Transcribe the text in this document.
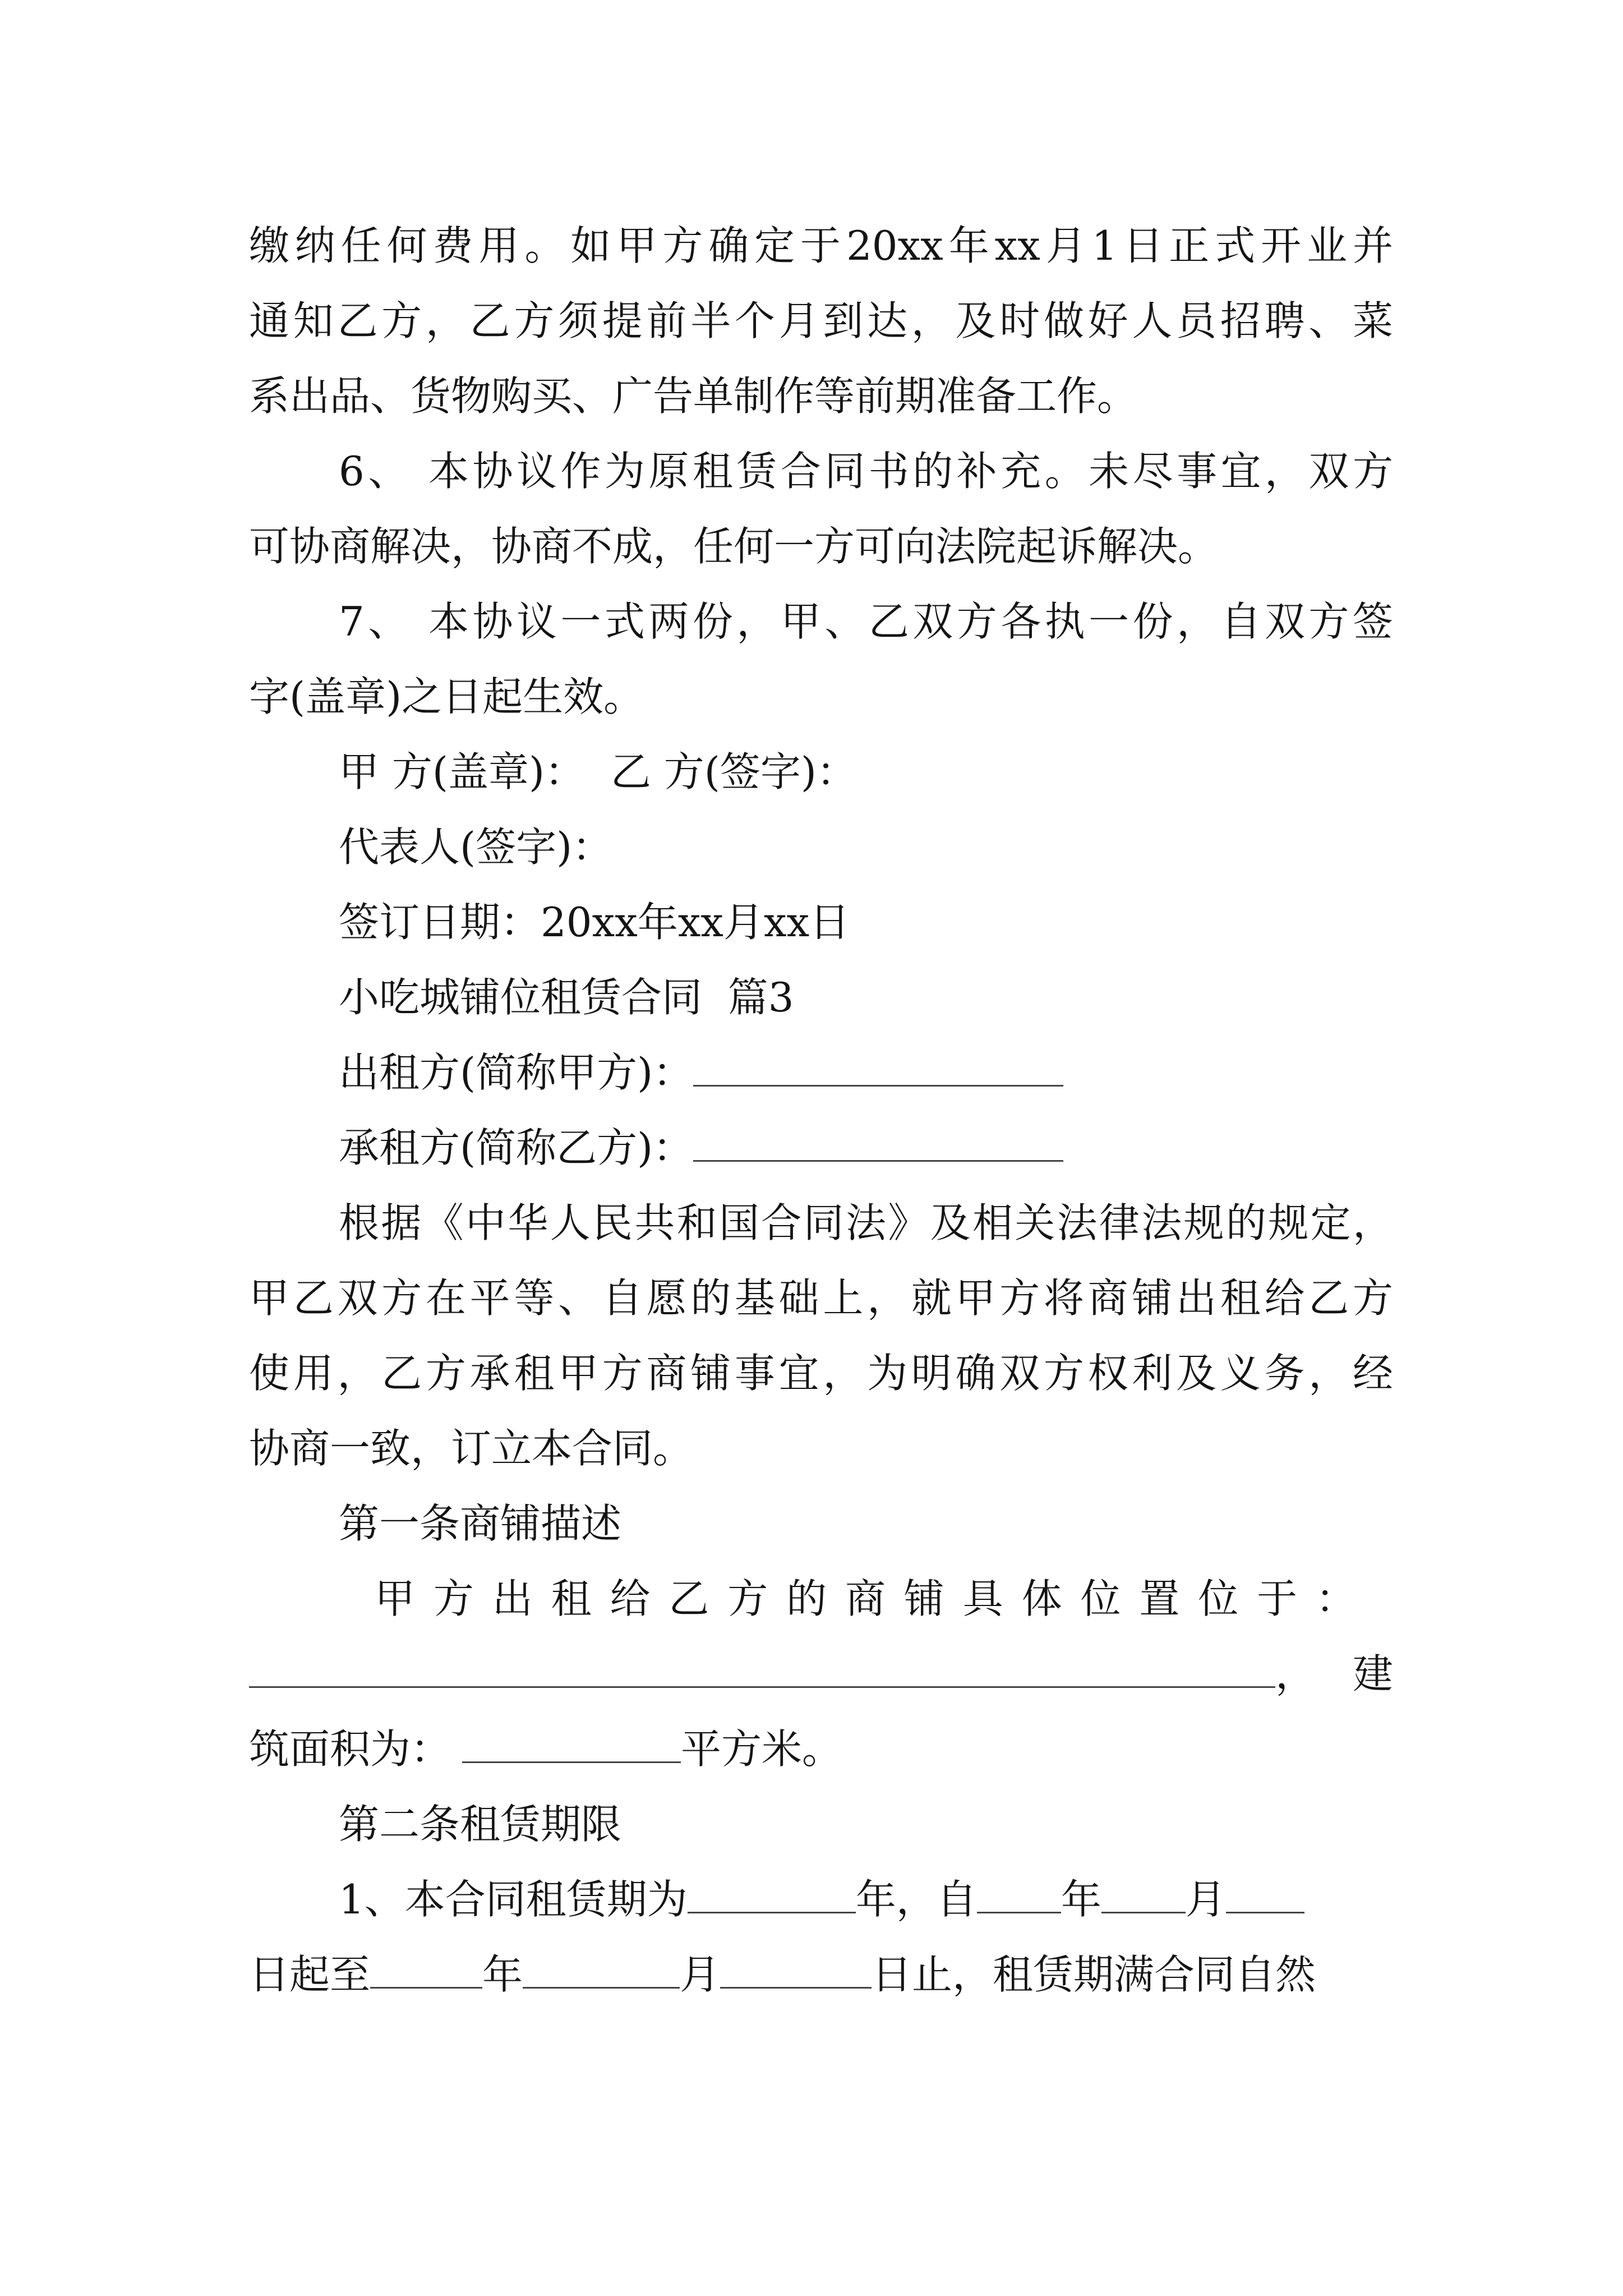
缴纳任何费用。如甲方确定于20xx年xx月1日正式开业并
通知乙方，乙方须提前半个月到达，及时做好人员招聘、菜
系出品、货物购买、广告单制作等前期准备工作。
6、 本协议作为原租赁合同书的补充。未尽事宜，双方
可协商解决，协商不成，任何一方可向法院起诉解决。
7、 本协议一式两份，甲、乙双方各执一份，自双方签
字(盖章)之日起生效。
甲 方(盖章)：  乙 方(签字)：
代表人(签字)：
签订日期：20xx年xx月xx日
小吃城铺位租赁合同  篇3
出租方(简称甲方)：
承租方(简称乙方)：
根据《中华人民共和国合同法》及相关法律法规的规定，
甲乙双方在平等、自愿的基础上，就甲方将商铺出租给乙方
使用，乙方承租甲方商铺事宜，为明确双方权利及义务，经
协商一致，订立本合同。
第一条商铺描述
甲方出租给乙方的商铺具体位置位于：
，建
筑面积为：	平方米。
第二条租赁期限
1、本合同租赁期为	年，自 年 月
日起至	年	月	日止，租赁期满合同自然
